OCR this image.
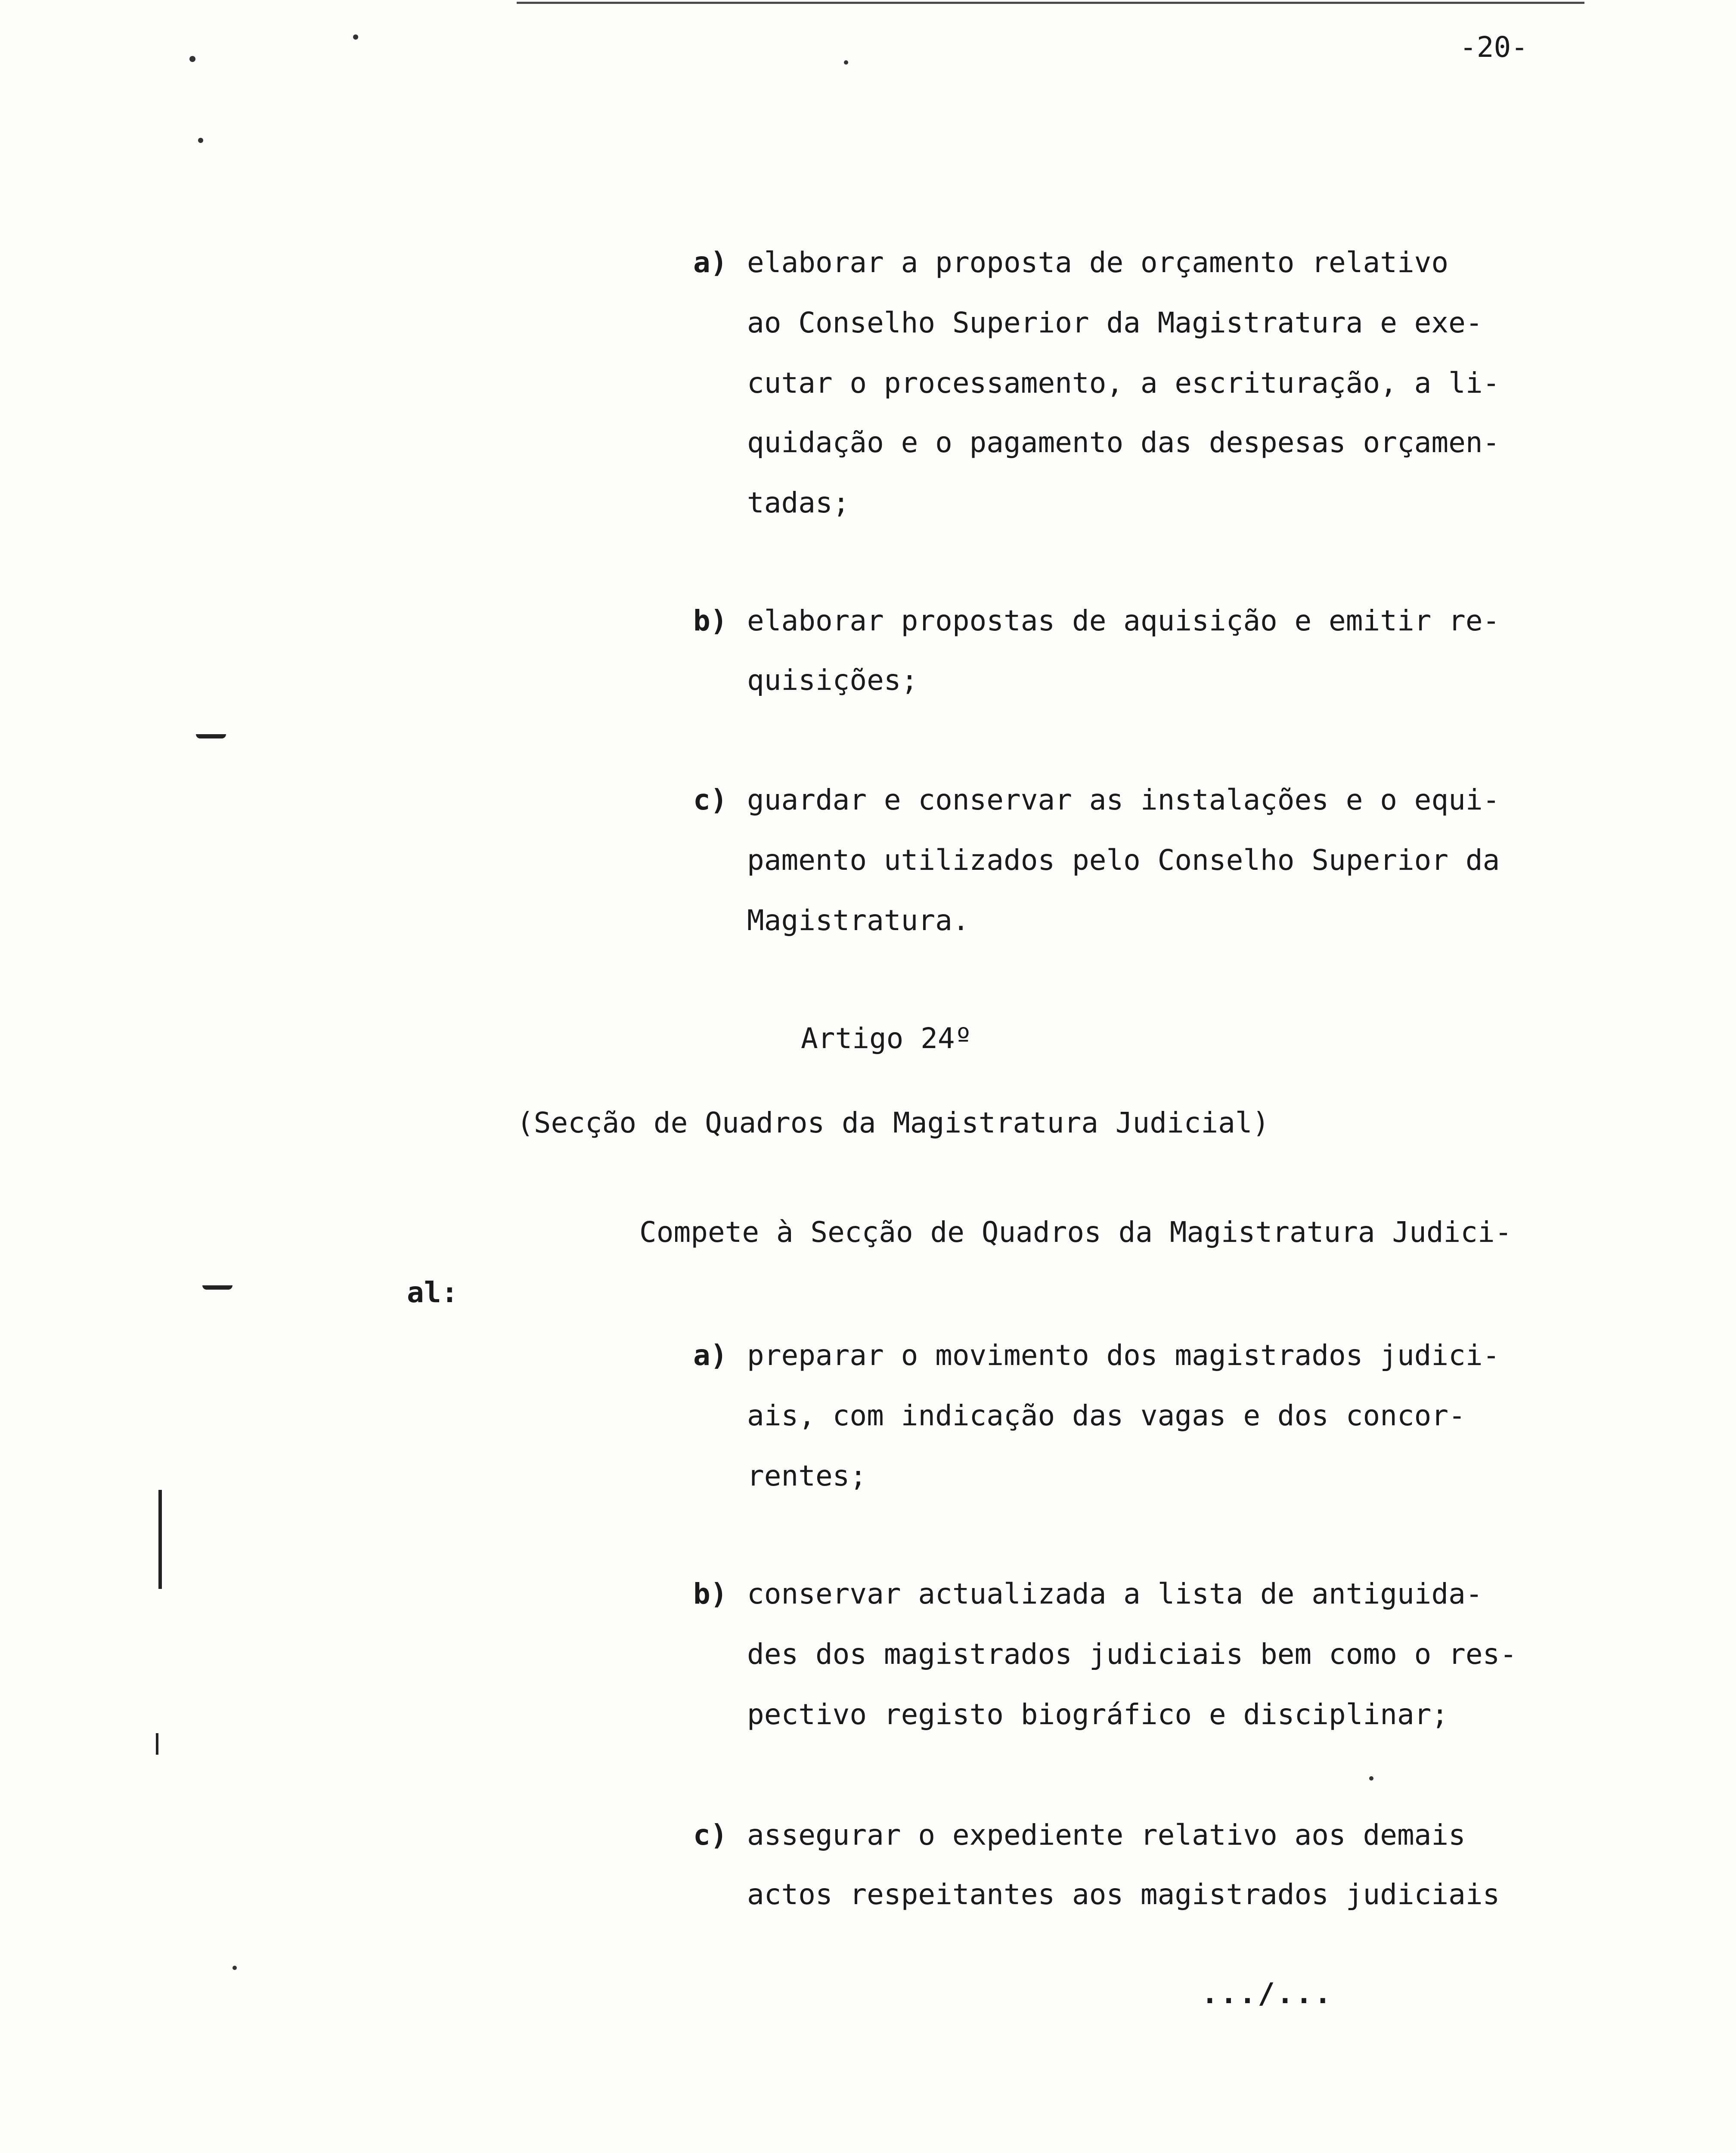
-20-
a) elaborar a proposta de orçamento relativo
ao Conselho Superior da Magistratura e exe-
cutar o processamento, a escrituração, a li-
quidação e o pagamento das despesas orçamen-
tadas;
b) elaborar propostas de aquisição e emitir re-
quisições;
c) guardar e conservar as instalações e o equi-
pamento utilizados pelo Conselho Superior da
Magistratura.
Artigo 24º
(Secção de Quadros da Magistratura Judicial)
Compete à Secção de Quadros da Magistratura Judici-
al:
a) preparar o movimento dos magistrados judici-
ais, com indicação das vagas e dos concor-
rentes;
b) conservar actualizada a lista de antiguida-
des dos magistrados judiciais bem como o res-
pectivo registo biográfico e disciplinar;
c) assegurar o expediente relativo aos demais
actos respeitantes aos magistrados judiciais
.../...
